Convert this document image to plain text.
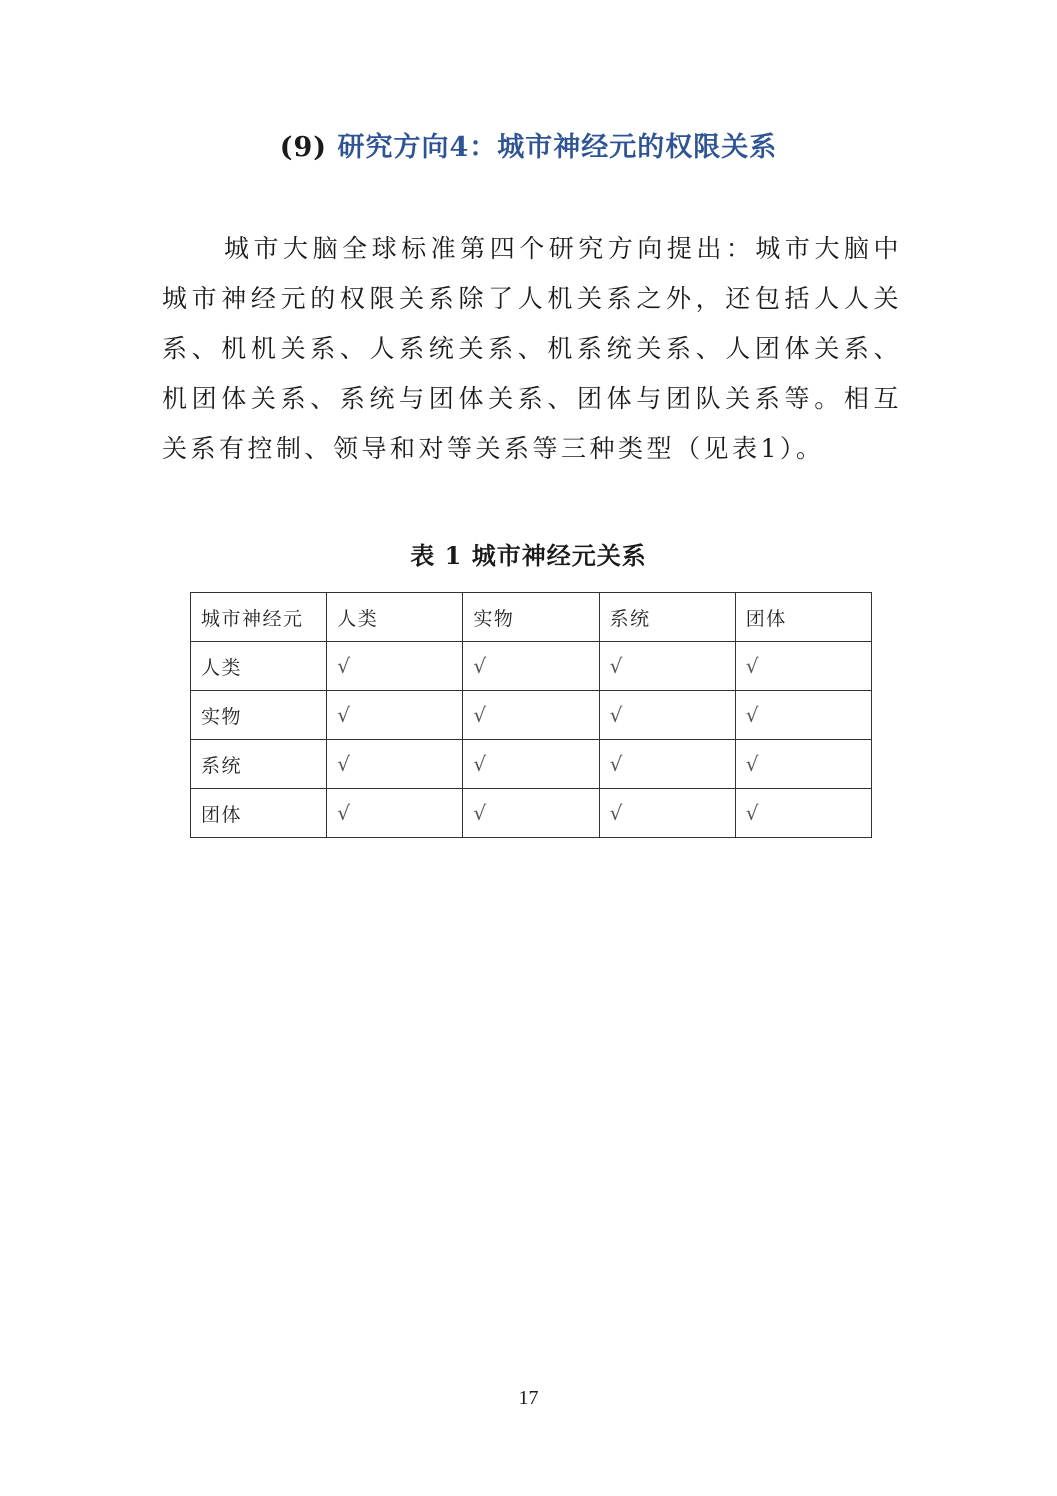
(9) 研究方向4：城市神经元的权限关系

城市大脑全球标准第四个研究方向提出：城市大脑中城市神经元的权限关系除了人机关系之外，还包括人人关系、机机关系、人系统关系、机系统关系、人团体关系、机团体关系、系统与团体关系、团体与团队关系等。相互关系有控制、领导和对等关系等三种类型（见表1）。

表 1 城市神经元关系
城市神经元	人类	实物	系统	团体
人类	√	√	√	√
实物	√	√	√	√
系统	√	√	√	√
团体	√	√	√	√
17
